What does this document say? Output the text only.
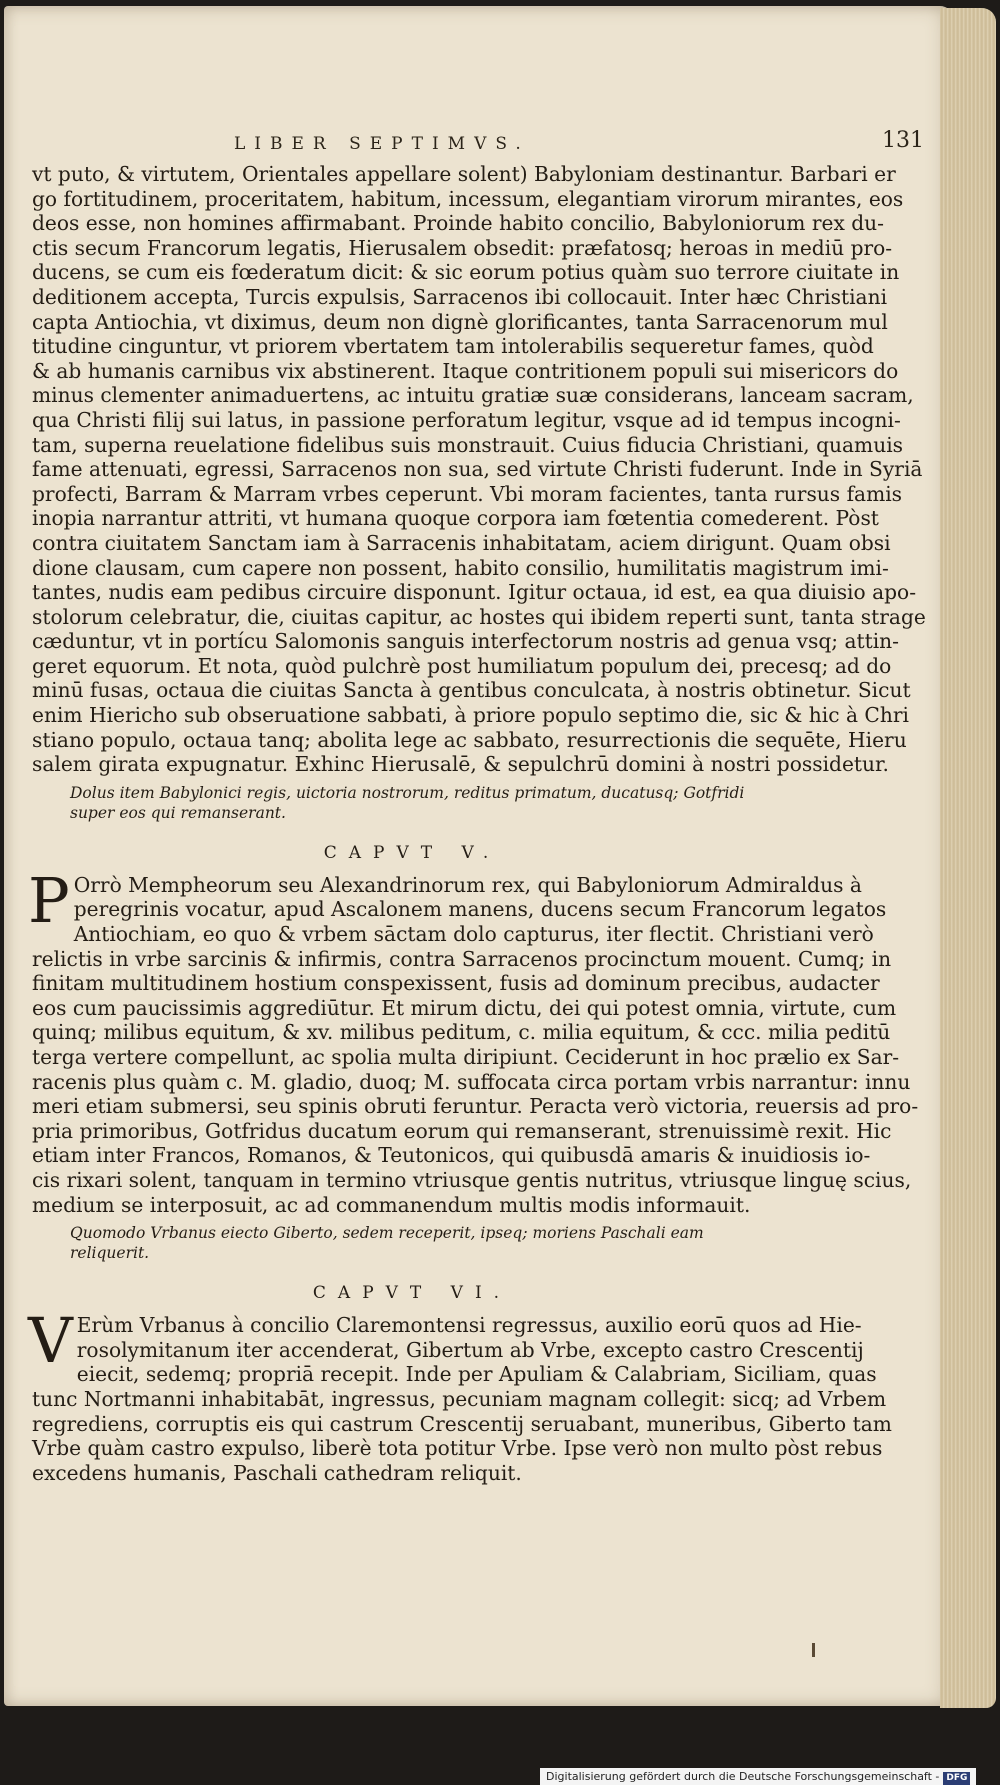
LIBER SEPTIMVS.	131
vt puto, & virtutem, Orientales appellare solent) Babyloniam destinantur. Barbari er
go fortitudinem, proceritatem, habitum, incessum, elegantiam virorum mirantes, eos
deos esse, non homines affirmabant. Proinde habito concilio, Babyloniorum rex du-
ctis secum Francorum legatis, Hierusalem obsedit: præfatosq; heroas in mediū pro-
ducens, se cum eis fœderatum dicit: & sic eorum potius quàm suo terrore ciuitate in
deditionem accepta, Turcis expulsis, Sarracenos ibi collocauit. Inter hæc Christiani
capta Antiochia, vt diximus, deum non dignè glorificantes, tanta Sarracenorum mul
titudine cinguntur, vt priorem vbertatem tam intolerabilis sequeretur fames, quòd
& ab humanis carnibus vix abstinerent. Itaque contritionem populi sui misericors do
minus clementer animaduertens, ac intuitu gratiæ suæ considerans, lanceam sacram,
qua Christi filij sui latus, in passione perforatum legitur, vsque ad id tempus incogni-
tam, superna reuelatione fidelibus suis monstrauit. Cuius fiducia Christiani, quamuis
fame attenuati, egressi, Sarracenos non sua, sed virtute Christi fuderunt. Inde in Syriā
profecti, Barram & Marram vrbes ceperunt. Vbi moram facientes, tanta rursus famis
inopia narrantur attriti, vt humana quoque corpora iam fœtentia comederent. Pòst
contra ciuitatem Sanctam iam à Sarracenis inhabitatam, aciem dirigunt. Quam obsi
dione clausam, cum capere non possent, habito consilio, humilitatis magistrum imi-
tantes, nudis eam pedibus circuire disponunt. Igitur octaua, id est, ea qua diuisio apo-
stolorum celebratur, die, ciuitas capitur, ac hostes qui ibidem reperti sunt, tanta strage
cæduntur, vt in portícu Salomonis sanguis interfectorum nostris ad genua vsq; attin-
geret equorum. Et nota, quòd pulchrè post humiliatum populum dei, precesq; ad do
minū fusas, octaua die ciuitas Sancta à gentibus conculcata, à nostris obtinetur. Sicut
enim Hiericho sub obseruatione sabbati, à priore populo septimo die, sic & hic à Chri
stiano populo, octaua tanq; abolita lege ac sabbato, resurrectionis die sequēte, Hieru
salem girata expugnatur. Exhinc Hierusalē, & sepulchrū domini à nostri possidetur.
Dolus item Babylonici regis, uictoria nostrorum, reditus primatum, ducatusq; Gotfridi super eos qui remanserant.
CAPVT V.
P Orrò Mempheorum seu Alexandrinorum rex, qui Babyloniorum Admiraldus à
peregrinis vocatur, apud Ascalonem manens, ducens secum Francorum legatos
Antiochiam, eo quo & vrbem sāctam dolo capturus, iter flectit. Christiani verò
relictis in vrbe sarcinis & infirmis, contra Sarracenos procinctum mouent. Cumq; in
finitam multitudinem hostium conspexissent, fusis ad dominum precibus, audacter
eos cum paucissimis aggrediūtur. Et mirum dictu, dei qui potest omnia, virtute, cum
quinq; milibus equitum, & xv. milibus peditum, c. milia equitum, & ccc. milia peditū
terga vertere compellunt, ac spolia multa diripiunt. Ceciderunt in hoc prælio ex Sar-
racenis plus quàm c. M. gladio, duoq; M. suffocata circa portam vrbis narrantur: innu
meri etiam submersi, seu spinis obruti feruntur. Peracta verò victoria, reuersis ad pro-
pria primoribus, Gotfridus ducatum eorum qui remanserant, strenuissimè rexit. Hic
etiam inter Francos, Romanos, & Teutonicos, qui quibusdā amaris & inuidiosis io-
cis rixari solent, tanquam in termino vtriusque gentis nutritus, vtriusque linguę scius,
medium se interposuit, ac ad commanendum multis modis informauit.
Quomodo Vrbanus eiecto Giberto, sedem receperit, ipseq; moriens Paschali eam reliquerit.
CAPVT VI.
V Erùm Vrbanus à concilio Claremontensi regressus, auxilio eorū quos ad Hie-
rosolymitanum iter accenderat, Gibertum ab Vrbe, excepto castro Crescentij
eiecit, sedemq; propriā recepit. Inde per Apuliam & Calabriam, Siciliam, quas
tunc Nortmanni inhabitabāt, ingressus, pecuniam magnam collegit: sicq; ad Vrbem
regrediens, corruptis eis qui castrum Crescentij seruabant, muneribus, Giberto tam
Vrbe quàm castro expulso, liberè tota potitur Vrbe. Ipse verò non multo pòst rebus
excedens humanis, Paschali cathedram reliquit.
Digitalisierung gefördert durch die Deutsche Forschungsgemeinschaft - DFG
